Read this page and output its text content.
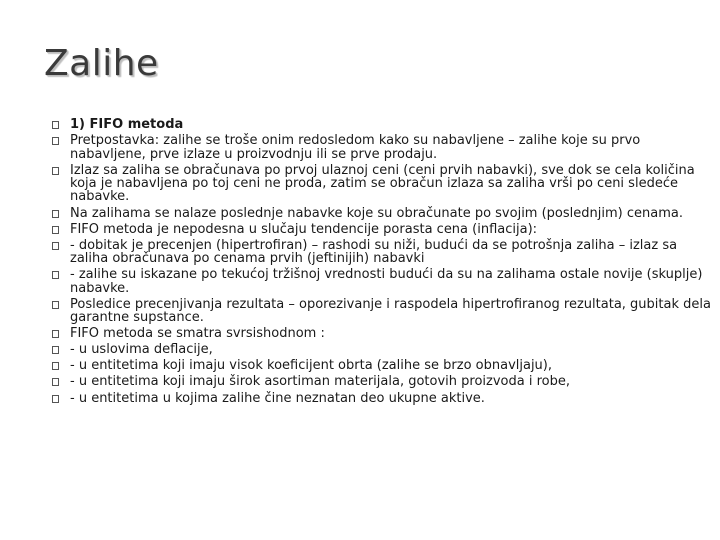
Zalihe
1) FIFO metoda
Pretpostavka: zalihe se troše onim redosledom kako su nabavljene – zalihe koje su prvo nabavljene, prve izlaze u proizvodnju ili se prve prodaju.
Izlaz sa zaliha se obračunava po prvoj ulaznoj ceni (ceni prvih nabavki), sve dok se cela količina koja je nabavljena po toj ceni ne proda, zatim se obračun izlaza sa zaliha vrši po ceni sledeće nabavke.
Na zalihama se nalaze poslednje nabavke koje su obračunate po svojim (poslednjim) cenama.
FIFO metoda je nepodesna u slučaju tendencije porasta cena (inflacija):
- dobitak je precenjen (hipertrofiran) – rashodi su niži, budući da se potrošnja zaliha – izlaz sa zaliha obračunava po cenama prvih (jeftinijih) nabavki
- zalihe su iskazane po tekućoj tržišnoj vrednosti budući da su na zalihama ostale novije (skuplje) nabavke.
Posledice precenjivanja rezultata – oporezivanje i raspodela hipertrofiranog rezultata, gubitak dela garantne supstance.
FIFO metoda se smatra svrsishodnom :
- u uslovima deflacije,
- u entitetima koji imaju visok koeficijent obrta (zalihe se brzo obnavljaju),
- u entitetima koji imaju širok asortiman materijala, gotovih proizvoda i robe,
- u entitetima u kojima zalihe čine neznatan deo ukupne aktive.
